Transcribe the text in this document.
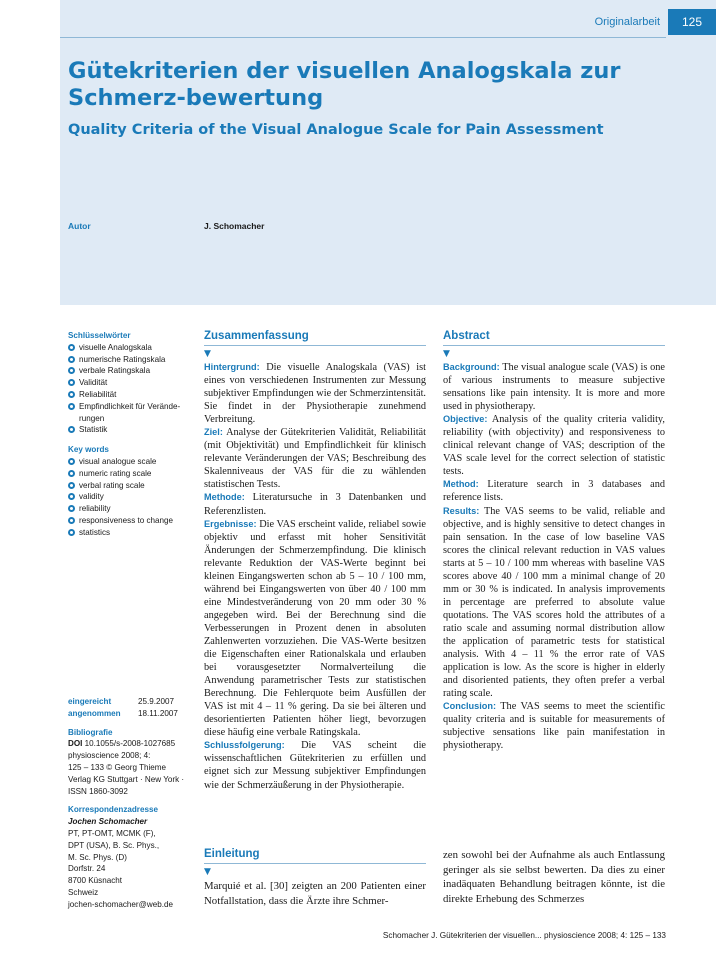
Originalarbeit	125
Gütekriterien der visuellen Analogskala zur Schmerz-bewertung
Quality Criteria of the Visual Analogue Scale for Pain Assessment
Autor	J. Schomacher
Schlüsselwörter
visuelle Analogskala
numerische Ratingskala
verbale Ratingskala
Validität
Reliabilität
Empfindlichkeit für Verände-rungen
Statistik
Key words
visual analogue scale
numeric rating scale
verbal rating scale
validity
reliability
responsiveness to change
statistics
eingereicht	25.9.2007
angenommen	18.11.2007
Bibliografie
DOI 10.1055/s-2008-1027685
physioscience 2008; 4:
125 – 133 © Georg Thieme
Verlag KG Stuttgart · New York ·
ISSN 1860-3092
Korrespondenzadresse
Jochen Schomacher
PT, PT-OMT, MCMK (F),
DPT (USA), B. Sc. Phys.,
M. Sc. Phys. (D)
Dorfstr. 24
8700 Küsnacht
Schweiz
jochen-schomacher@web.de
Zusammenfassung
▼
Hintergrund: Die visuelle Analogskala (VAS) ist eines von verschiedenen Instrumenten zur Messung subjektiver Empfindungen wie der Schmerzintensität. Sie findet in der Physiotherapie zunehmend Verbreitung.
Ziel: Analyse der Gütekriterien Validität, Reliabilität (mit Objektivität) und Empfindlichkeit für klinisch relevante Veränderungen der VAS; Beschreibung des Skalenniveaus der VAS für die zu wählenden statistischen Tests.
Methode: Literatursuche in 3 Datenbanken und Referenzlisten.
Ergebnisse: Die VAS erscheint valide, reliabel sowie objektiv und erfasst mit hoher Sensitivität Änderungen der Schmerzempfindung. Die klinisch relevante Reduktion der VAS-Werte beginnt bei kleinen Eingangswerten schon ab 5 – 10 / 100 mm, während bei Eingangswerten von über 40 / 100 mm eine Mindestveränderung von 20 mm oder 30 % angegeben wird. Bei der Berechnung sind die Verbesserungen in Prozent denen in absoluten Zahlenwerten vorzuziehen. Die VAS-Werte besitzen die Eigenschaften einer Rationalskala und erlauben bei vorausgesetzter Normalverteilung die Anwendung parametrischer Tests zur statistischen Berechnung. Die Fehlerquote beim Ausfüllen der VAS ist mit 4 – 11 % gering. Da sie bei älteren und desorientierten Patienten höher liegt, bevorzugen diese häufig eine verbale Ratingskala.
Schlussfolgerung: Die VAS scheint die wissenschaftlichen Gütekriterien zu erfüllen und eignet sich zur Messung subjektiver Empfindungen wie der Schmerzäußerung in der Physiotherapie.
Abstract
▼
Background: The visual analogue scale (VAS) is one of various instruments to measure subjective sensations like pain intensity. It is more and more used in physiotherapy.
Objective: Analysis of the quality criteria validity, reliability (with objectivity) and responsiveness to clinical relevant change of VAS; description of the VAS scale level for the correct selection of statistic tests.
Method: Literature search in 3 databases and reference lists.
Results: The VAS seems to be valid, reliable and objective, and is highly sensitive to detect changes in pain sensation. In the case of low baseline VAS scores the clinical relevant reduction in VAS values starts at 5 – 10 / 100 mm whereas with baseline VAS scores above 40 / 100 mm a minimal change of 20 mm or 30 % is indicated. In analysis improvements in percentage are preferred to absolute value quotations. The VAS scores hold the attributes of a ratio scale and assuming normal distribution allow the application of parametric tests for statistical analysis. With 4 – 11 % the error rate of VAS application is low. As the score is higher in elderly and disoriented patients, they often prefer a verbal rating scale.
Conclusion: The VAS seems to meet the scientific quality criteria and is suitable for measurements of subjective sensations like pain manifestation in physiotherapy.
Einleitung
▼
Marquié et al. [30] zeigten an 200 Patienten einer Notfallstation, dass die Ärzte ihre Schmer-
zen sowohl bei der Aufnahme als auch Entlassung geringer als sie selbst bewerten. Da dies zu einer inadäquaten Behandlung beitragen könnte, ist die direkte Erhebung des Schmerzes
Schomacher J. Gütekriterien der visuellen... physioscience 2008; 4: 125 – 133
